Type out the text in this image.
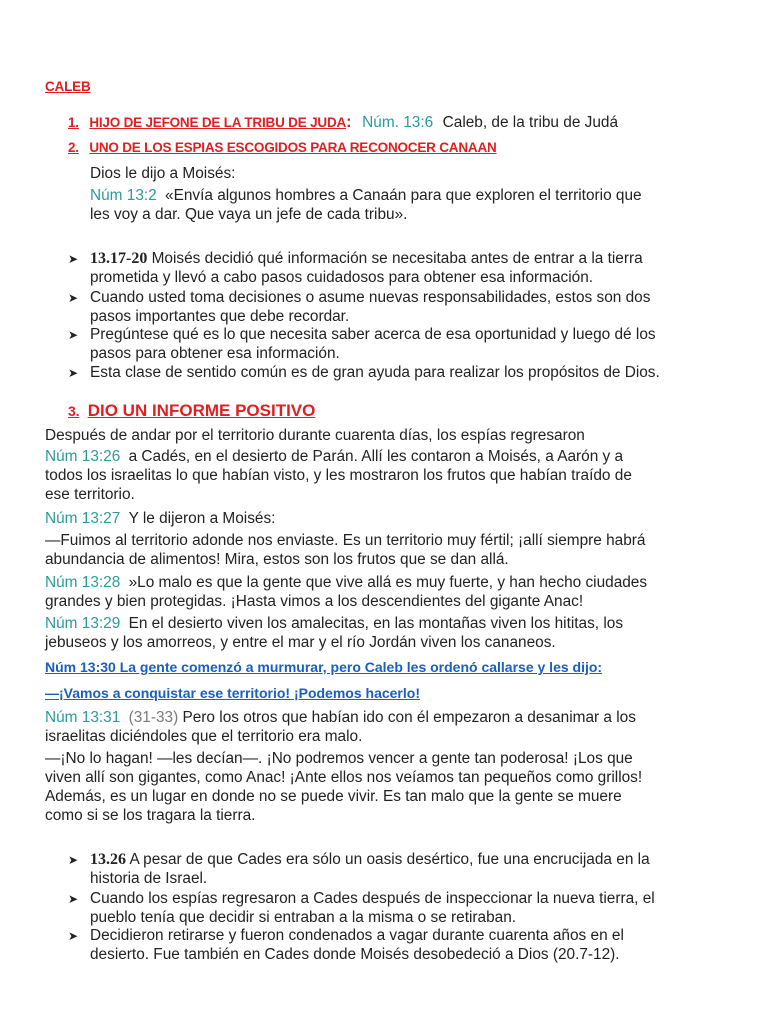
CALEB
1. HIJO DE JEFONE DE LA TRIBU DE JUDA: Núm. 13:6 Caleb, de la tribu de Judá
2. UNO DE LOS ESPIAS ESCOGIDOS PARA RECONOCER CANAAN
Dios le dijo a Moisés:
Núm 13:2 «Envía algunos hombres a Canaán para que explor​en el territorio que
les voy a dar. Que vaya un jefe de cada tribu».
➤ 13.17-20 Moisés decidió qué información se necesitaba antes de entrar a la tierra
prometida y llevó a cabo pasos cuidadosos para obtener esa información.
➤ Cuando usted toma decisiones o asume nuevas responsabilidades, estos son dos
pasos importantes que debe recordar.
➤ Pregúntese qué es lo que necesita saber acerca de esa oportunidad y luego dé los
pasos para obtener esa información.
➤ Esta clase de sentido común es de gran ayuda para realizar los propósitos de Dios.
3. DIO UN INFORME POSITIVO
Después de andar por el territorio durante cuarenta días, los espías regresaron
Núm 13:26 a Cadés, en el desierto de Parán. Allí les contaron a Moisés, a Aarón y a
todos los israelitas lo que habían visto, y les mostraron los frutos que habían traído de
ese territorio.
Núm 13:27 Y le dijeron a Moisés:
—Fuimos al territorio adonde nos enviaste. Es un territorio muy fértil; ¡allí siempre habrá
abundancia de alimentos! Mira, estos son los frutos que se dan allá.
Núm 13:28 »Lo malo es que la gente que vive allá es muy fuerte, y han hecho ciudades
grandes y bien protegidas. ¡Hasta vimos a los descendientes del gigante Anac!
Núm 13:29 En el desierto viven los amalecitas, en las montañas viven los hititas, los
jebuseos y los amorreos, y entre el mar y el río Jordán viven los cananeos.
Núm 13:30 La gente comenzó a murmurar, pero Caleb les ordenó callarse y les dijo:
—¡Vamos a conquistar ese territorio! ¡Podemos hacerlo!
Núm 13:31 (31-33) Pero los otros que habían ido con él empezaron a desanimar a los
israelitas diciéndoles que el territorio era malo.
—¡No lo hagan! —les decían—. ¡No podremos vencer a gente tan poderosa! ¡Los que
viven allí son gigantes, como Anac! ¡Ante ellos nos veíamos tan pequeños como grillos!
Además, es un lugar en donde no se puede vivir. Es tan malo que la gente se muere
como si se los tragara la tierra.
➤ 13.26 A pesar de que Cades era sólo un oasis desértico, fue una encrucijada en la
historia de Israel.
➤ Cuando los espías regresaron a Cades después de inspeccionar la nueva tierra, el
pueblo tenía que decidir si entraban a la misma o se retiraban.
➤ Decidieron retirarse y fueron condenados a vagar durante cuarenta años en el
desierto. Fue también en Cades donde Moisés desobedeció a Dios (20.7-12).
